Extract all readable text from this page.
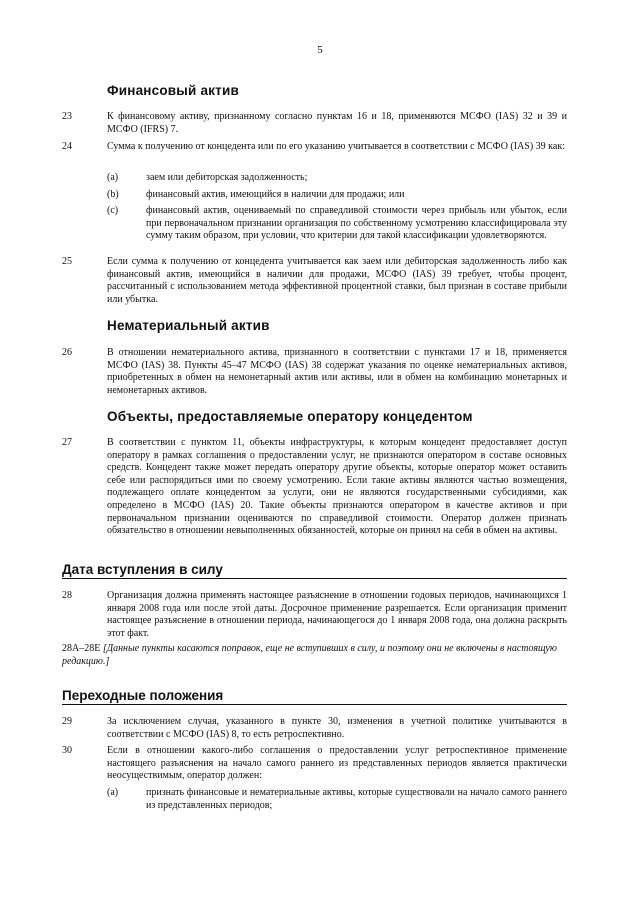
5
Финансовый актив
23	К финансовому активу, признанному согласно пунктам 16 и 18, применяются МСФО (IAS) 32 и 39 и МСФО (IFRS) 7.
24	Сумма к получению от концедента или по его указанию учитывается в соответствии с МСФО (IAS) 39 как:
(a)	заем или дебиторская задолженность;
(b)	финансовый актив, имеющийся в наличии для продажи; или
(c)	финансовый актив, оцениваемый по справедливой стоимости через прибыль или убыток, если при первоначальном признании организация по собственному усмотрению классифицировала эту сумму таким образом, при условии, что критерии для такой классификации удовлетворяются.
25	Если сумма к получению от концедента учитывается как заем или дебиторская задолженность либо как финансовый актив, имеющийся в наличии для продажи, МСФО (IAS) 39 требует, чтобы процент, рассчитанный с использованием метода эффективной процентной ставки, был признан в составе прибыли или убытка.
Нематериальный актив
26	В отношении нематериального актива, признанного в соответствии с пунктами 17 и 18, применяется МСФО (IAS) 38. Пункты 45–47 МСФО (IAS) 38 содержат указания по оценке нематериальных активов, приобретенных в обмен на немонетарный актив или активы, или в обмен на комбинацию монетарных и немонетарных активов.
Объекты, предоставляемые оператору концедентом
27	В соответствии с пунктом 11, объекты инфраструктуры, к которым концедент предоставляет доступ оператору в рамках соглашения о предоставлении услуг, не признаются оператором в составе основных средств. Концедент также может передать оператору другие объекты, которые оператор может оставить себе или распорядиться ими по своему усмотрению. Если такие активы являются частью возмещения, подлежащего оплате концедентом за услуги, они не являются государственными субсидиями, как определено в МСФО (IAS) 20. Такие объекты признаются оператором в качестве активов и при первоначальном признании оцениваются по справедливой стоимости. Оператор должен признать обязательство в отношении невыполненных обязанностей, которые он принял на себя в обмен на активы.
Дата вступления в силу
28	Организация должна применять настоящее разъяснение в отношении годовых периодов, начинающихся 1 января 2008 года или после этой даты. Досрочное применение разрешается. Если организация применит настоящее разъяснение в отношении периода, начинающегося до 1 января 2008 года, она должна раскрыть этот факт.
28А–28Е [Данные пункты касаются поправок, еще не вступивших в силу, и поэтому они не включены в настоящую редакцию.]
Переходные положения
29	За исключением случая, указанного в пункте 30, изменения в учетной политике учитываются в соответствии с МСФО (IAS) 8, то есть ретроспективно.
30	Если в отношении какого-либо соглашения о предоставлении услуг ретроспективное применение настоящего разъяснения на начало самого раннего из представленных периодов является практически неосуществимым, оператор должен:
(a)	признать финансовые и нематериальные активы, которые существовали на начало самого раннего из представленных периодов;
